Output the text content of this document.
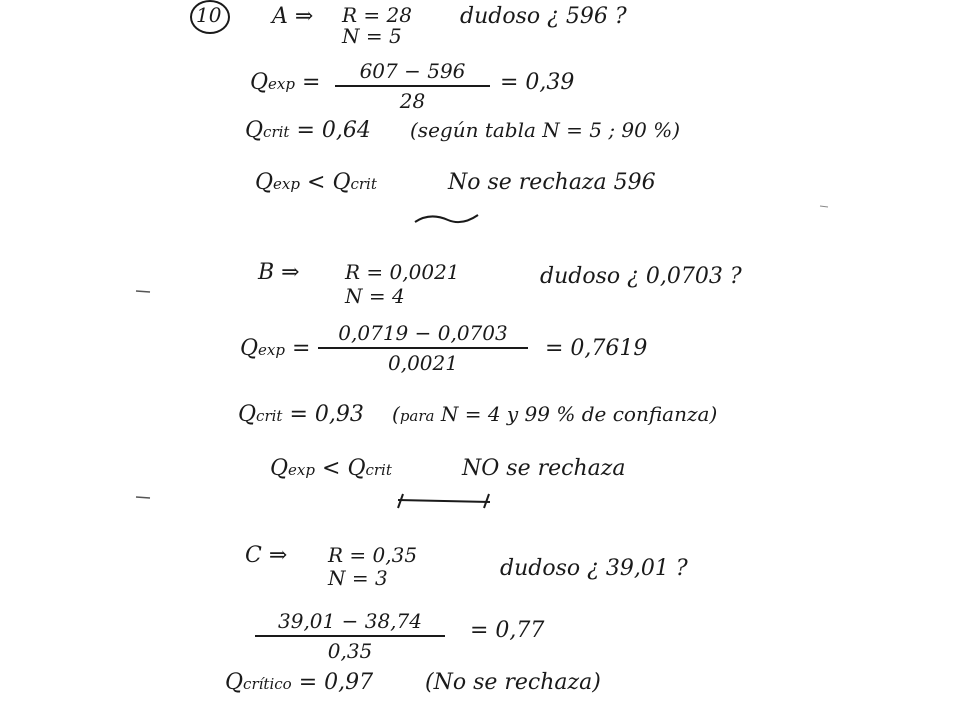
10 A ⇒ R = 28
N = 5
dudoso ¿ 596 ?
Qexp = 607 − 596
28
= 0,39
Qcrit = 0,64 (según tabla N = 5 ; 90 %)
Qexp < Qcrit	No se rechaza 596
B ⇒ R = 0,0021
N = 4
dudoso ¿ 0,0703 ?
Qexp =
0,0719 − 0,0703
0,0021
= 0,7619
Qcrit = 0,93 (para N = 4 y 99 % de confianza)
Qexp < Qcrit	NO se rechaza
C ⇒ R = 0,35
N = 3	dudoso ¿ 39,01 ?
39,01 − 38,74
0,35
= 0,77
Qcrítico = 0,97 (No se rechaza)
